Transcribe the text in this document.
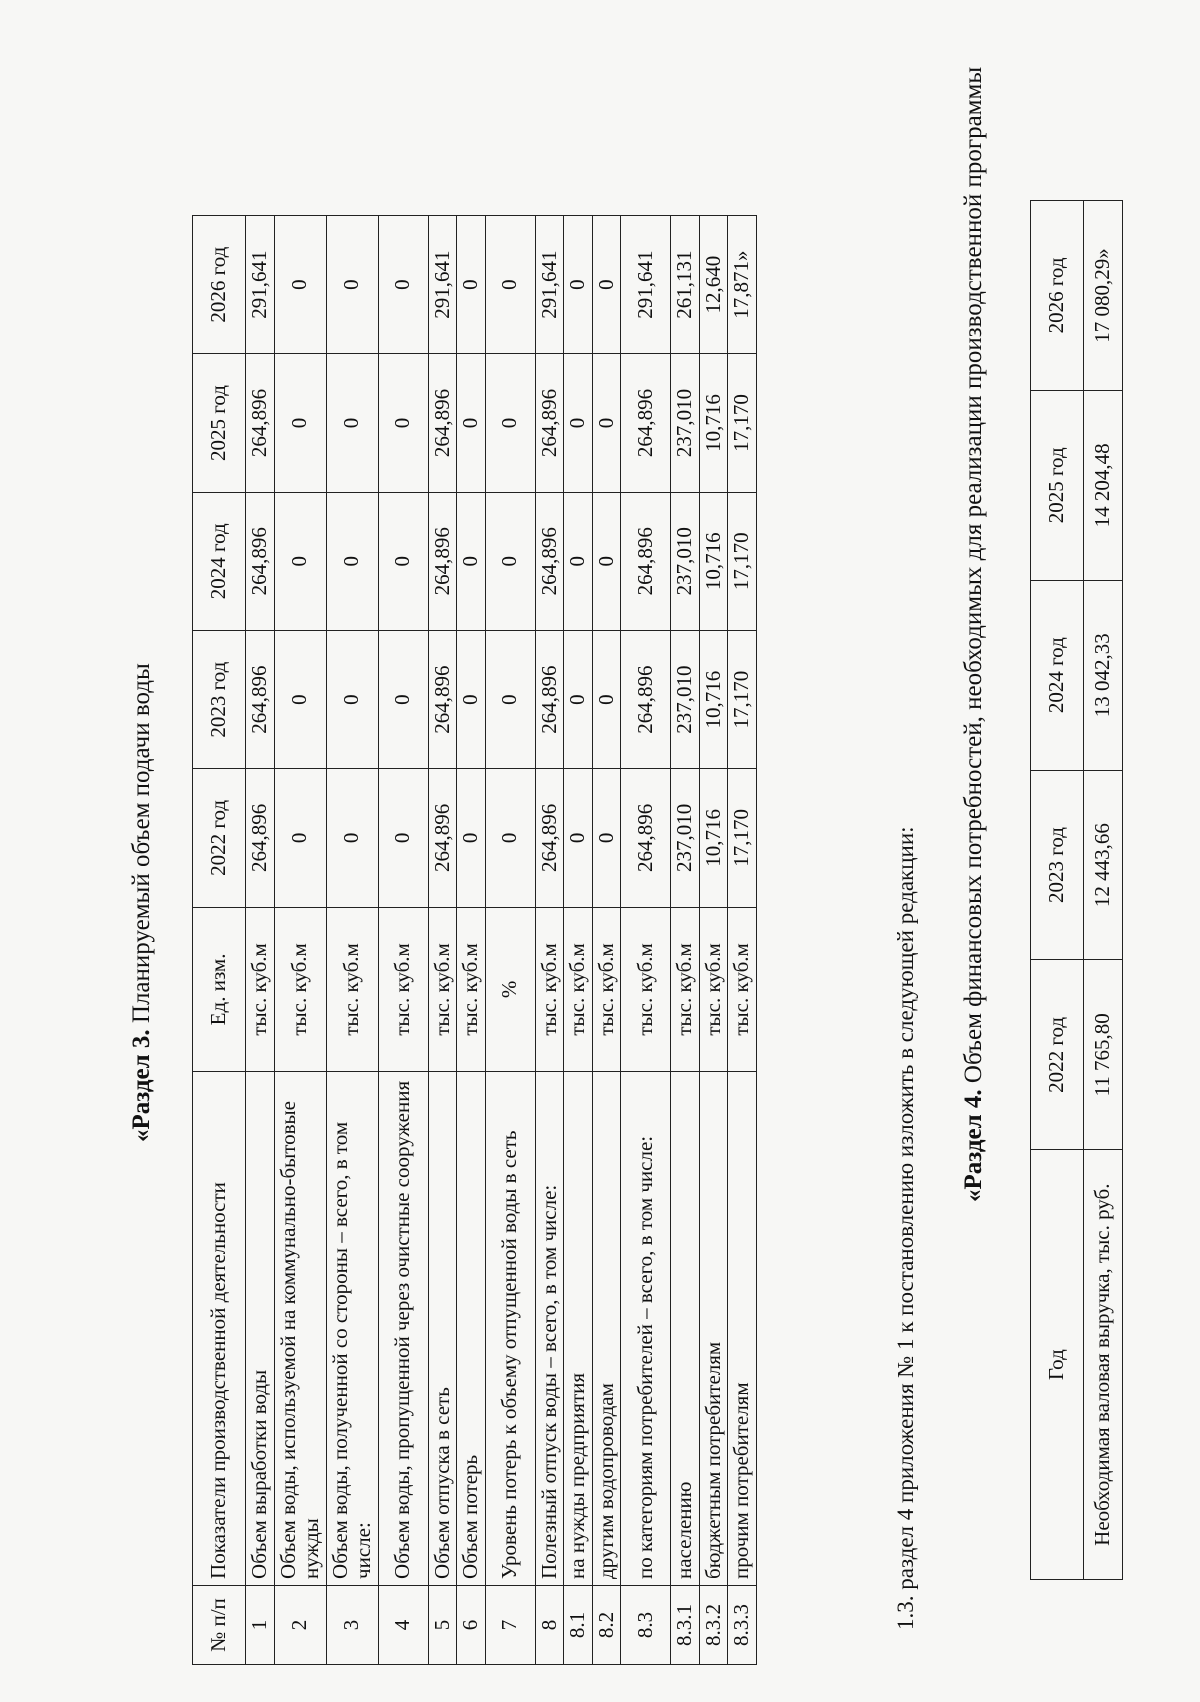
«Раздел 3. Планируемый объем подачи воды
№ п/п	Показатели производственной деятельности	Ед. изм.	2022 год	2023 год	2024 год	2025 год	2026 год
1	Объем выработки воды	тыс. куб.м	264,896	264,896	264,896	264,896	291,641
2	Объем воды, используемой на коммунально-бытовые нужды	тыс. куб.м	0	0	0	0	0
3	Объем воды, полученной со стороны – всего, в том числе:	тыс. куб.м	0	0	0	0	0
4	Объем воды, пропущенной через очистные сооружения	тыс. куб.м	0	0	0	0	0
5	Объем отпуска в сеть	тыс. куб.м	264,896	264,896	264,896	264,896	291,641
6	Объем потерь	тыс. куб.м	0	0	0	0	0
7	Уровень потерь к объему отпущенной воды в сеть	%	0	0	0	0	0
8	Полезный отпуск воды – всего, в том числе:	тыс. куб.м	264,896	264,896	264,896	264,896	291,641
8.1	на нужды предприятия	тыс. куб.м	0	0	0	0	0
8.2	другим водопроводам	тыс. куб.м	0	0	0	0	0
8.3	по категориям потребителей – всего, в том числе:	тыс. куб.м	264,896	264,896	264,896	264,896	291,641
8.3.1	населению	тыс. куб.м	237,010	237,010	237,010	237,010	261,131
8.3.2	бюджетным потребителям	тыс. куб.м	10,716	10,716	10,716	10,716	12,640
8.3.3	прочим потребителям	тыс. куб.м	17,170	17,170	17,170	17,170	17,871»
1.3. раздел 4 приложения № 1 к постановлению изложить в следующей редакции: «Раздел 4. Объем финансовых потребностей, необходимых для реализации производственной программы
Год	2022 год	2023 год	2024 год	2025 год	2026 год
Необходимая валовая выручка, тыс. руб.	11 765,80	12 443,66	13 042,33	14 204,48	17 080,29»
